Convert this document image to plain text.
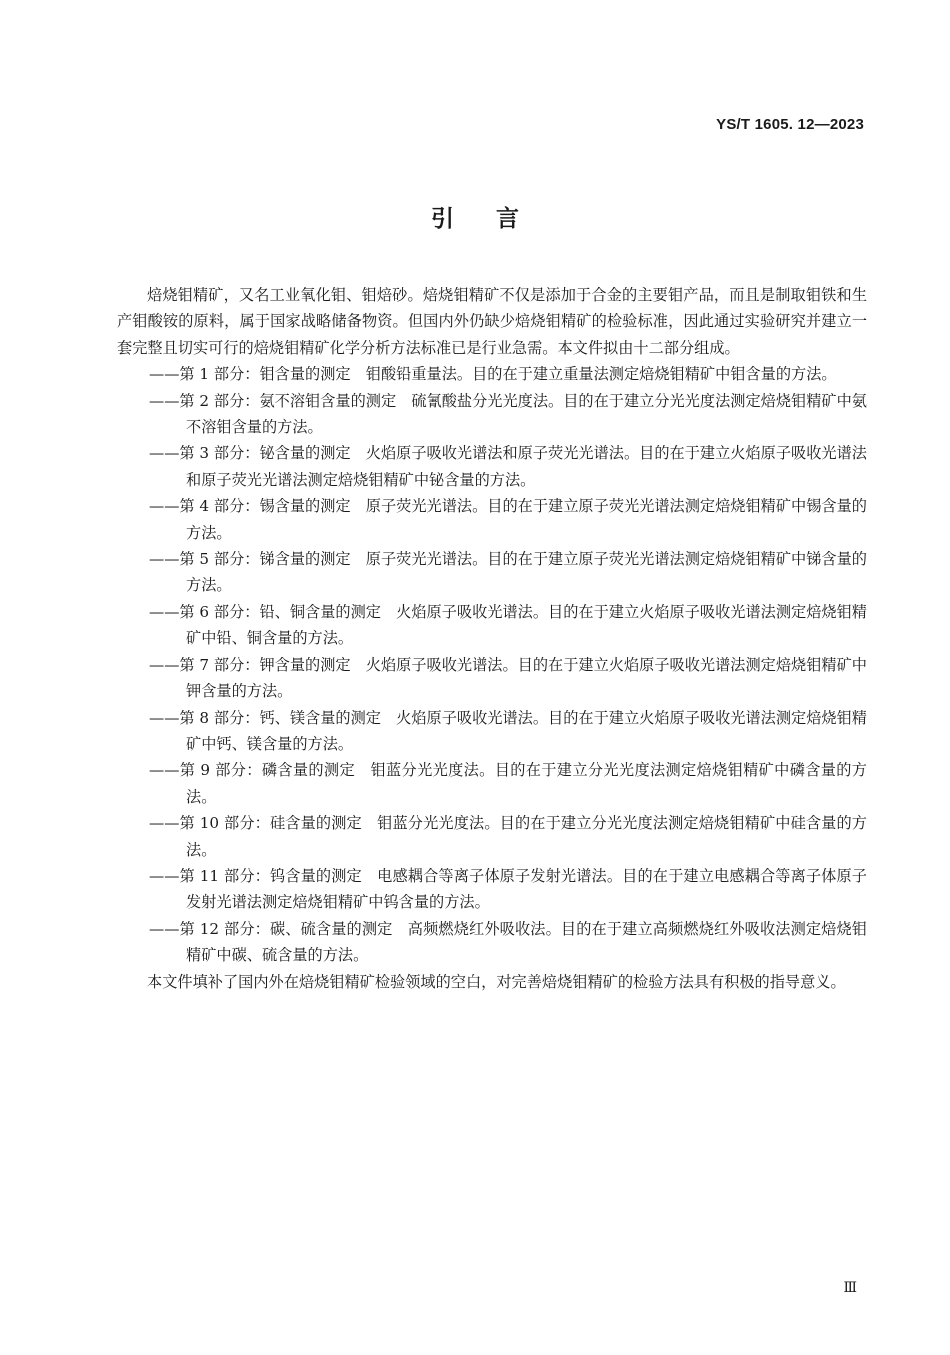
YS/T 1605. 12—2023
引言

焙烧钼精矿，又名工业氧化钼、钼焙砂。焙烧钼精矿不仅是添加于合金的主要钼产品，而且是制取钼铁和生产钼酸铵的原料，属于国家战略储备物资。但国内外仍缺少焙烧钼精矿的检验标准，因此通过实验研究并建立一套完整且切实可行的焙烧钼精矿化学分析方法标准已是行业急需。本文件拟由十二部分组成。

——第 1 部分：钼含量的测定　钼酸铅重量法。目的在于建立重量法测定焙烧钼精矿中钼含量的方法。

——第 2 部分：氨不溶钼含量的测定　硫氰酸盐分光光度法。目的在于建立分光光度法测定焙烧钼精矿中氨不溶钼含量的方法。

——第 3 部分：铋含量的测定　火焰原子吸收光谱法和原子荧光光谱法。目的在于建立火焰原子吸收光谱法和原子荧光光谱法测定焙烧钼精矿中铋含量的方法。

——第 4 部分：锡含量的测定　原子荧光光谱法。目的在于建立原子荧光光谱法测定焙烧钼精矿中锡含量的方法。

——第 5 部分：锑含量的测定　原子荧光光谱法。目的在于建立原子荧光光谱法测定焙烧钼精矿中锑含量的方法。

——第 6 部分：铅、铜含量的测定　火焰原子吸收光谱法。目的在于建立火焰原子吸收光谱法测定焙烧钼精矿中铅、铜含量的方法。

——第 7 部分：钾含量的测定　火焰原子吸收光谱法。目的在于建立火焰原子吸收光谱法测定焙烧钼精矿中钾含量的方法。

——第 8 部分：钙、镁含量的测定　火焰原子吸收光谱法。目的在于建立火焰原子吸收光谱法测定焙烧钼精矿中钙、镁含量的方法。

——第 9 部分：磷含量的测定　钼蓝分光光度法。目的在于建立分光光度法测定焙烧钼精矿中磷含量的方法。

——第 10 部分：硅含量的测定　钼蓝分光光度法。目的在于建立分光光度法测定焙烧钼精矿中硅含量的方法。

——第 11 部分：钨含量的测定　电感耦合等离子体原子发射光谱法。目的在于建立电感耦合等离子体原子发射光谱法测定焙烧钼精矿中钨含量的方法。

——第 12 部分：碳、硫含量的测定　高频燃烧红外吸收法。目的在于建立高频燃烧红外吸收法测定焙烧钼精矿中碳、硫含量的方法。

本文件填补了国内外在焙烧钼精矿检验领域的空白，对完善焙烧钼精矿的检验方法具有积极的指导意义。

Ⅲ
